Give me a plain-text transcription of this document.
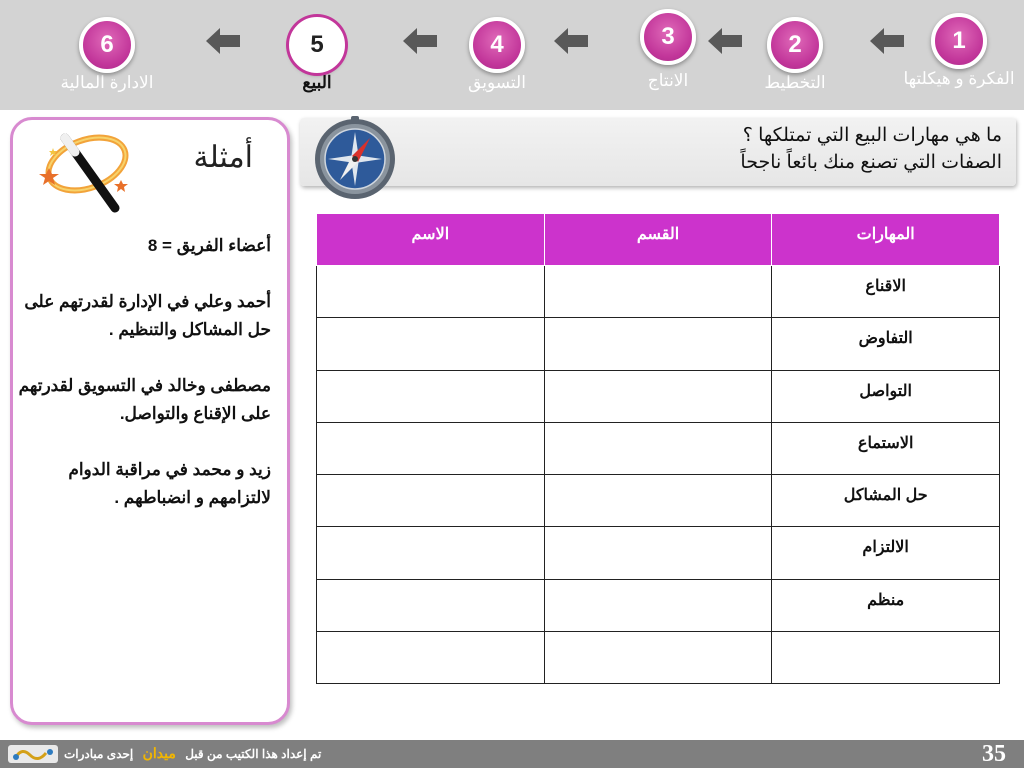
1
الفكرة و هيكلتها
2
التخطيط
3
الانتاج
4
التسويق
5
البيع
6
الادارة المالية
أمثلة

أعضاء الفريق = 8

أحمد وعلي في الإدارة لقدرتهم على حل المشاكل والتنظيم .

مصطفى وخالد في التسويق لقدرتهم على الإقناع والتواصل.

زيد و محمد في مراقبة الدوام لالتزامهم و انضباطهم .

ما هي مهارات البيع التي تمتلكها ؟
الصفات التي تصنع منك بائعاً ناجحاً
المهارات	القسم	الاسم
الاقناع		
التفاوض		
التواصل		
الاستماع		
حل المشاكل		
الالتزام		
منظم		

تم إعداد هذا الكتيب من قبل ميدان إحدى مبادرات	35
